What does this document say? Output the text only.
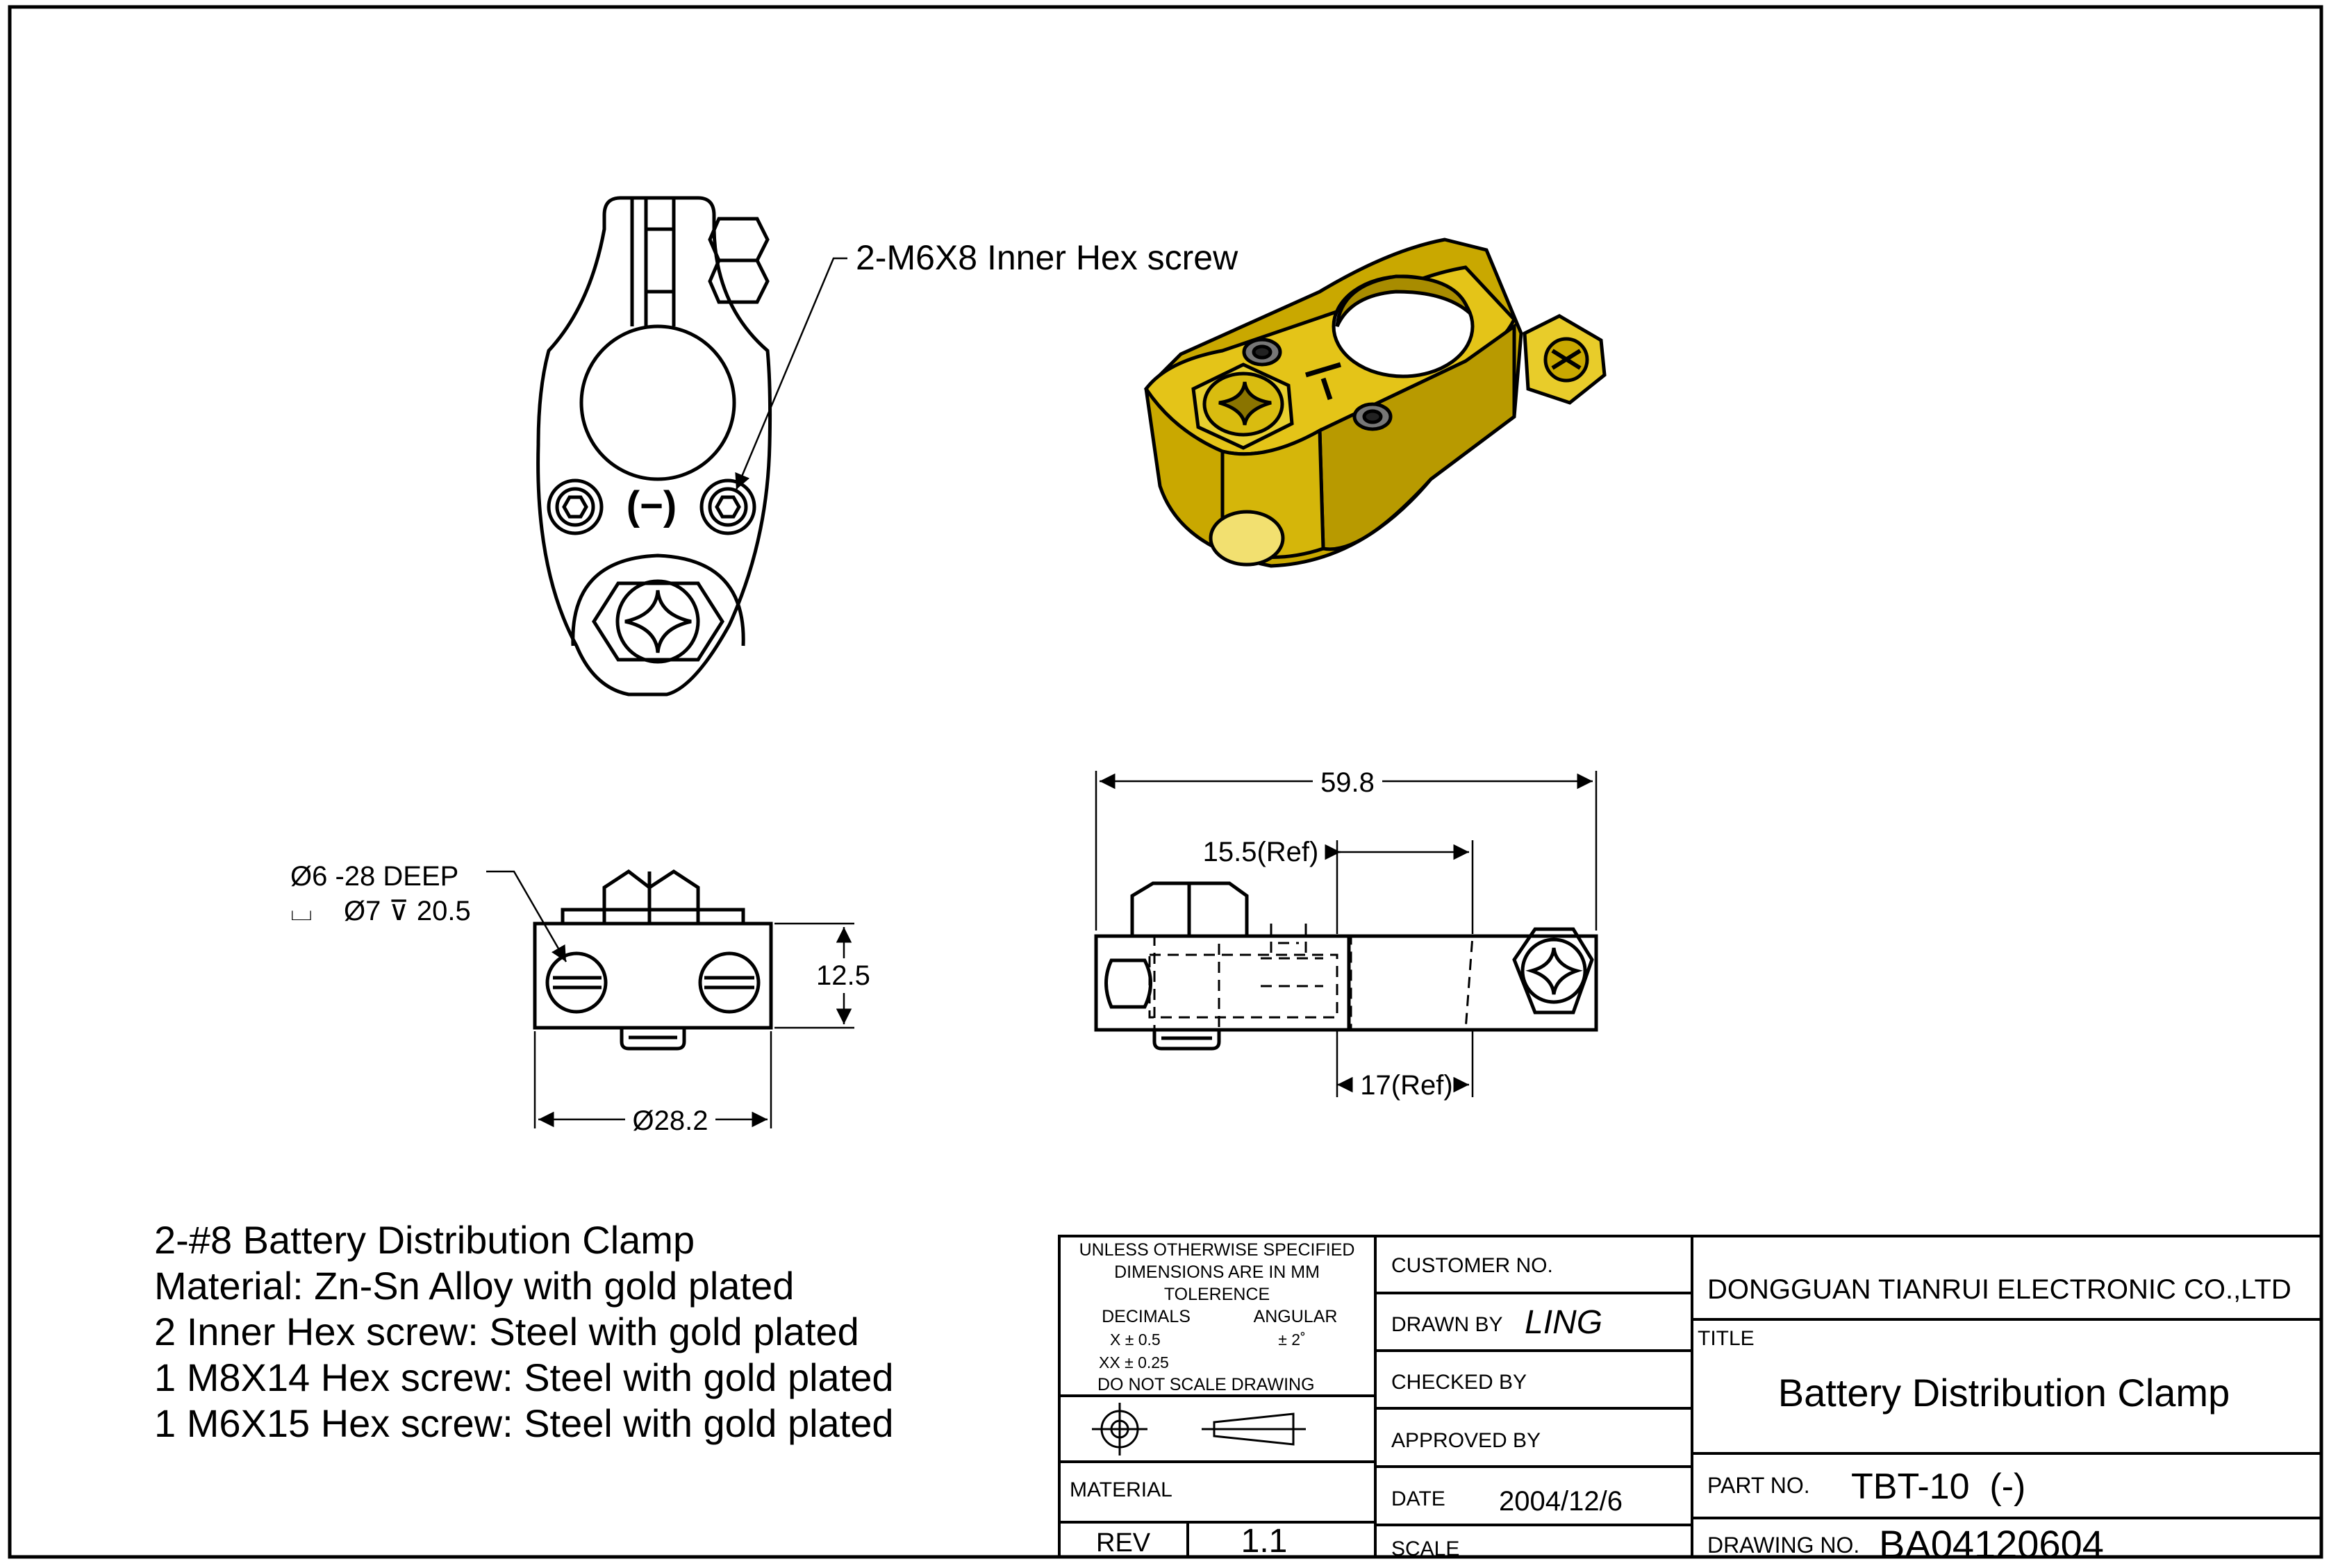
(−)
2-M6X8 Inner Hex screw
Ø6 -28 DEEP
⌴ Ø7 ⊽ 20.5
12.5
Ø28.2
59.8
15.5(Ref)
17(Ref)
2-#8 Battery Distribution Clamp
Material: Zn-Sn Alloy with gold plated
2 Inner Hex screw: Steel with gold plated
1 M8X14 Hex screw: Steel with gold plated
1 M6X15 Hex screw: Steel with gold plated
UNLESS OTHERWISE SPECIFIED
DIMENSIONS ARE IN MM
TOLERENCE
DECIMALS	ANGULAR
X ± 0.5	± 2˚
XX ± 0.25
DO NOT SCALE DRAWING
MATERIAL
REV	1.1
CUSTOMER NO.
DRAWN BY LING
CHECKED BY
APPROVED BY
DATE 2004/12/6
SCALE
DONGGUAN TIANRUI ELECTRONIC CO.,LTD
TITLE
Battery Distribution Clamp
PART NO. TBT-10  (-)
DRAWING NO. BA04120604
